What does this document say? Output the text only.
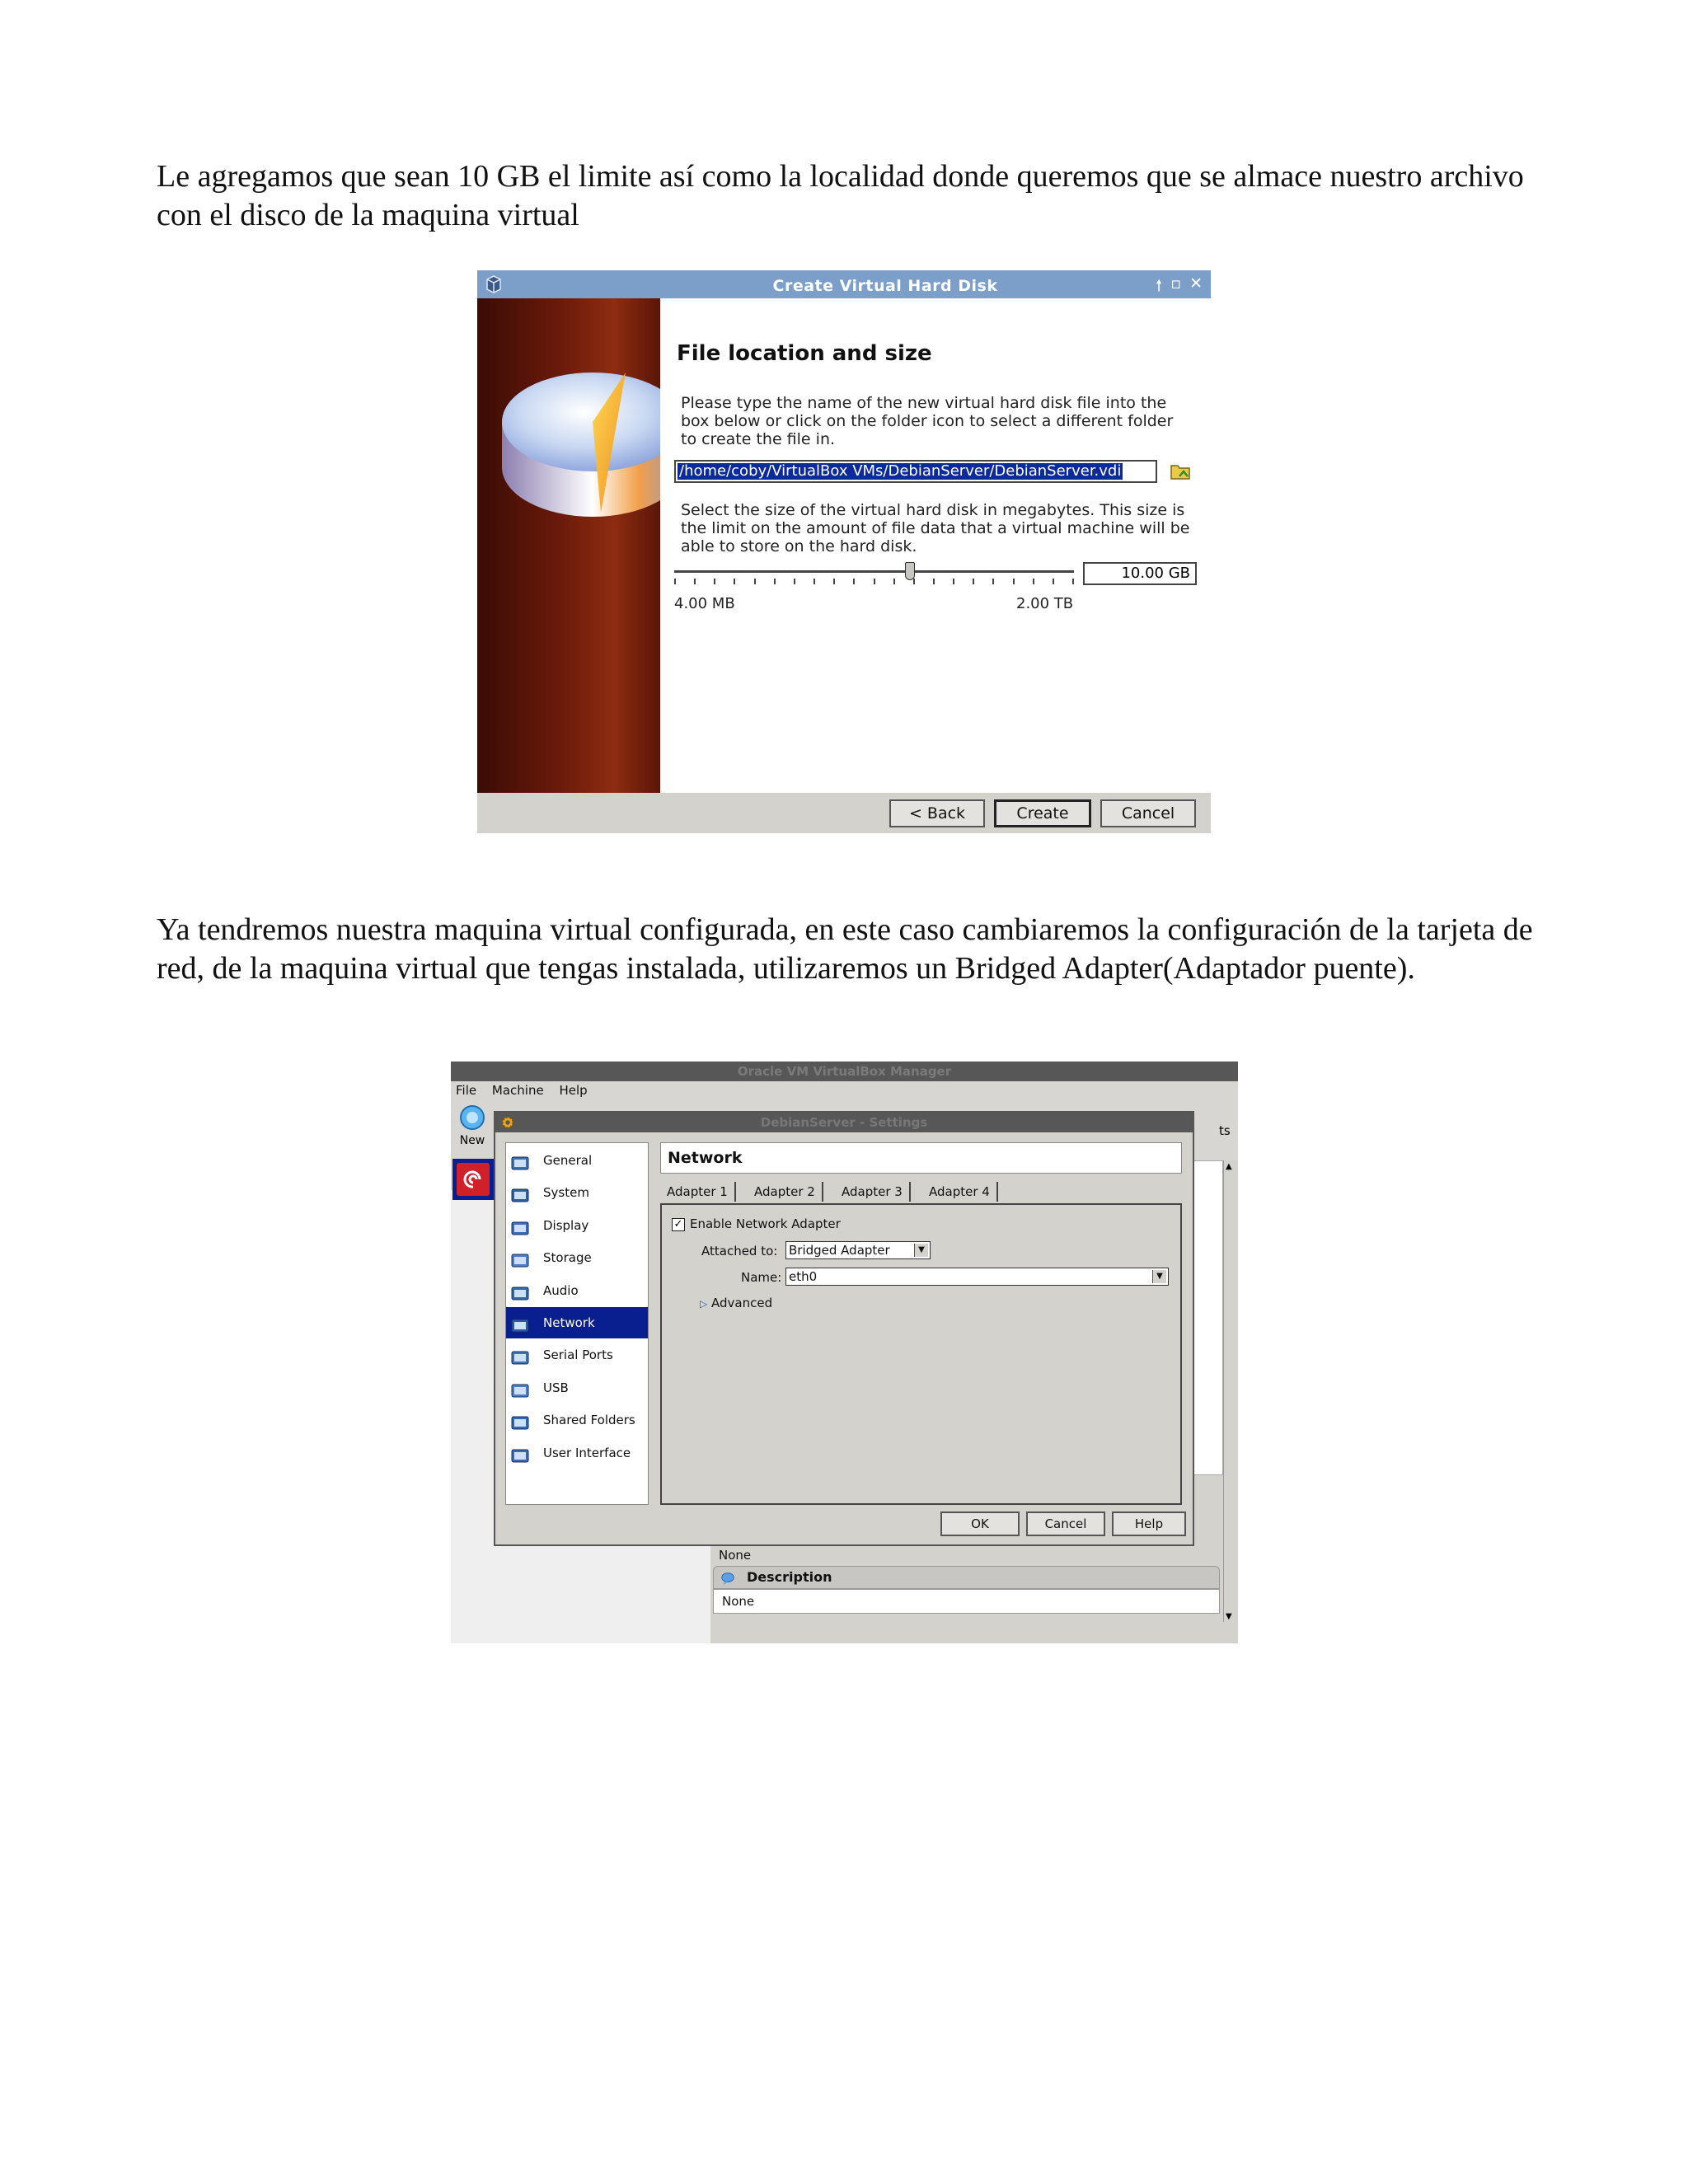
Le agregamos que sean 10 GB el limite así como la localidad donde queremos que se almace nuestro archivo con el disco de la maquina virtual

Create Virtual Hard Disk	🠕 ▫ ✕
File location and size
Please type the name of the new virtual hard disk file into the box below or click on the folder icon to select a different folder to create the file in.
/home/coby/VirtualBox VMs/DebianServer/DebianServer.vdi
Select the size of the virtual hard disk in megabytes. This size is the limit on the amount of file data that a virtual machine will be able to store on the hard disk.
10.00 GB
4.00 MB	2.00 TB
< Back	Create	Cancel

Ya tendremos nuestra maquina virtual configurada, en este caso cambiaremos la configuración de la tarjeta de red, de la maquina virtual que tengas instalada, utilizaremos un Bridged Adapter(Adaptador puente).

Oracle VM VirtualBox Manager
File Machine Help
New
ts
None
▲
▼
DebianServer - Settings
General
System
Display
Storage
Audio
Network
Serial Ports
USB
Shared Folders
User Interface
Network
Adapter 1	Adapter 2	Adapter 3	Adapter 4
✓ Enable Network Adapter
Attached to: Bridged Adapter	▼
Name: eth0	▼
▷ Advanced
OK	Cancel	Help
Description
None
